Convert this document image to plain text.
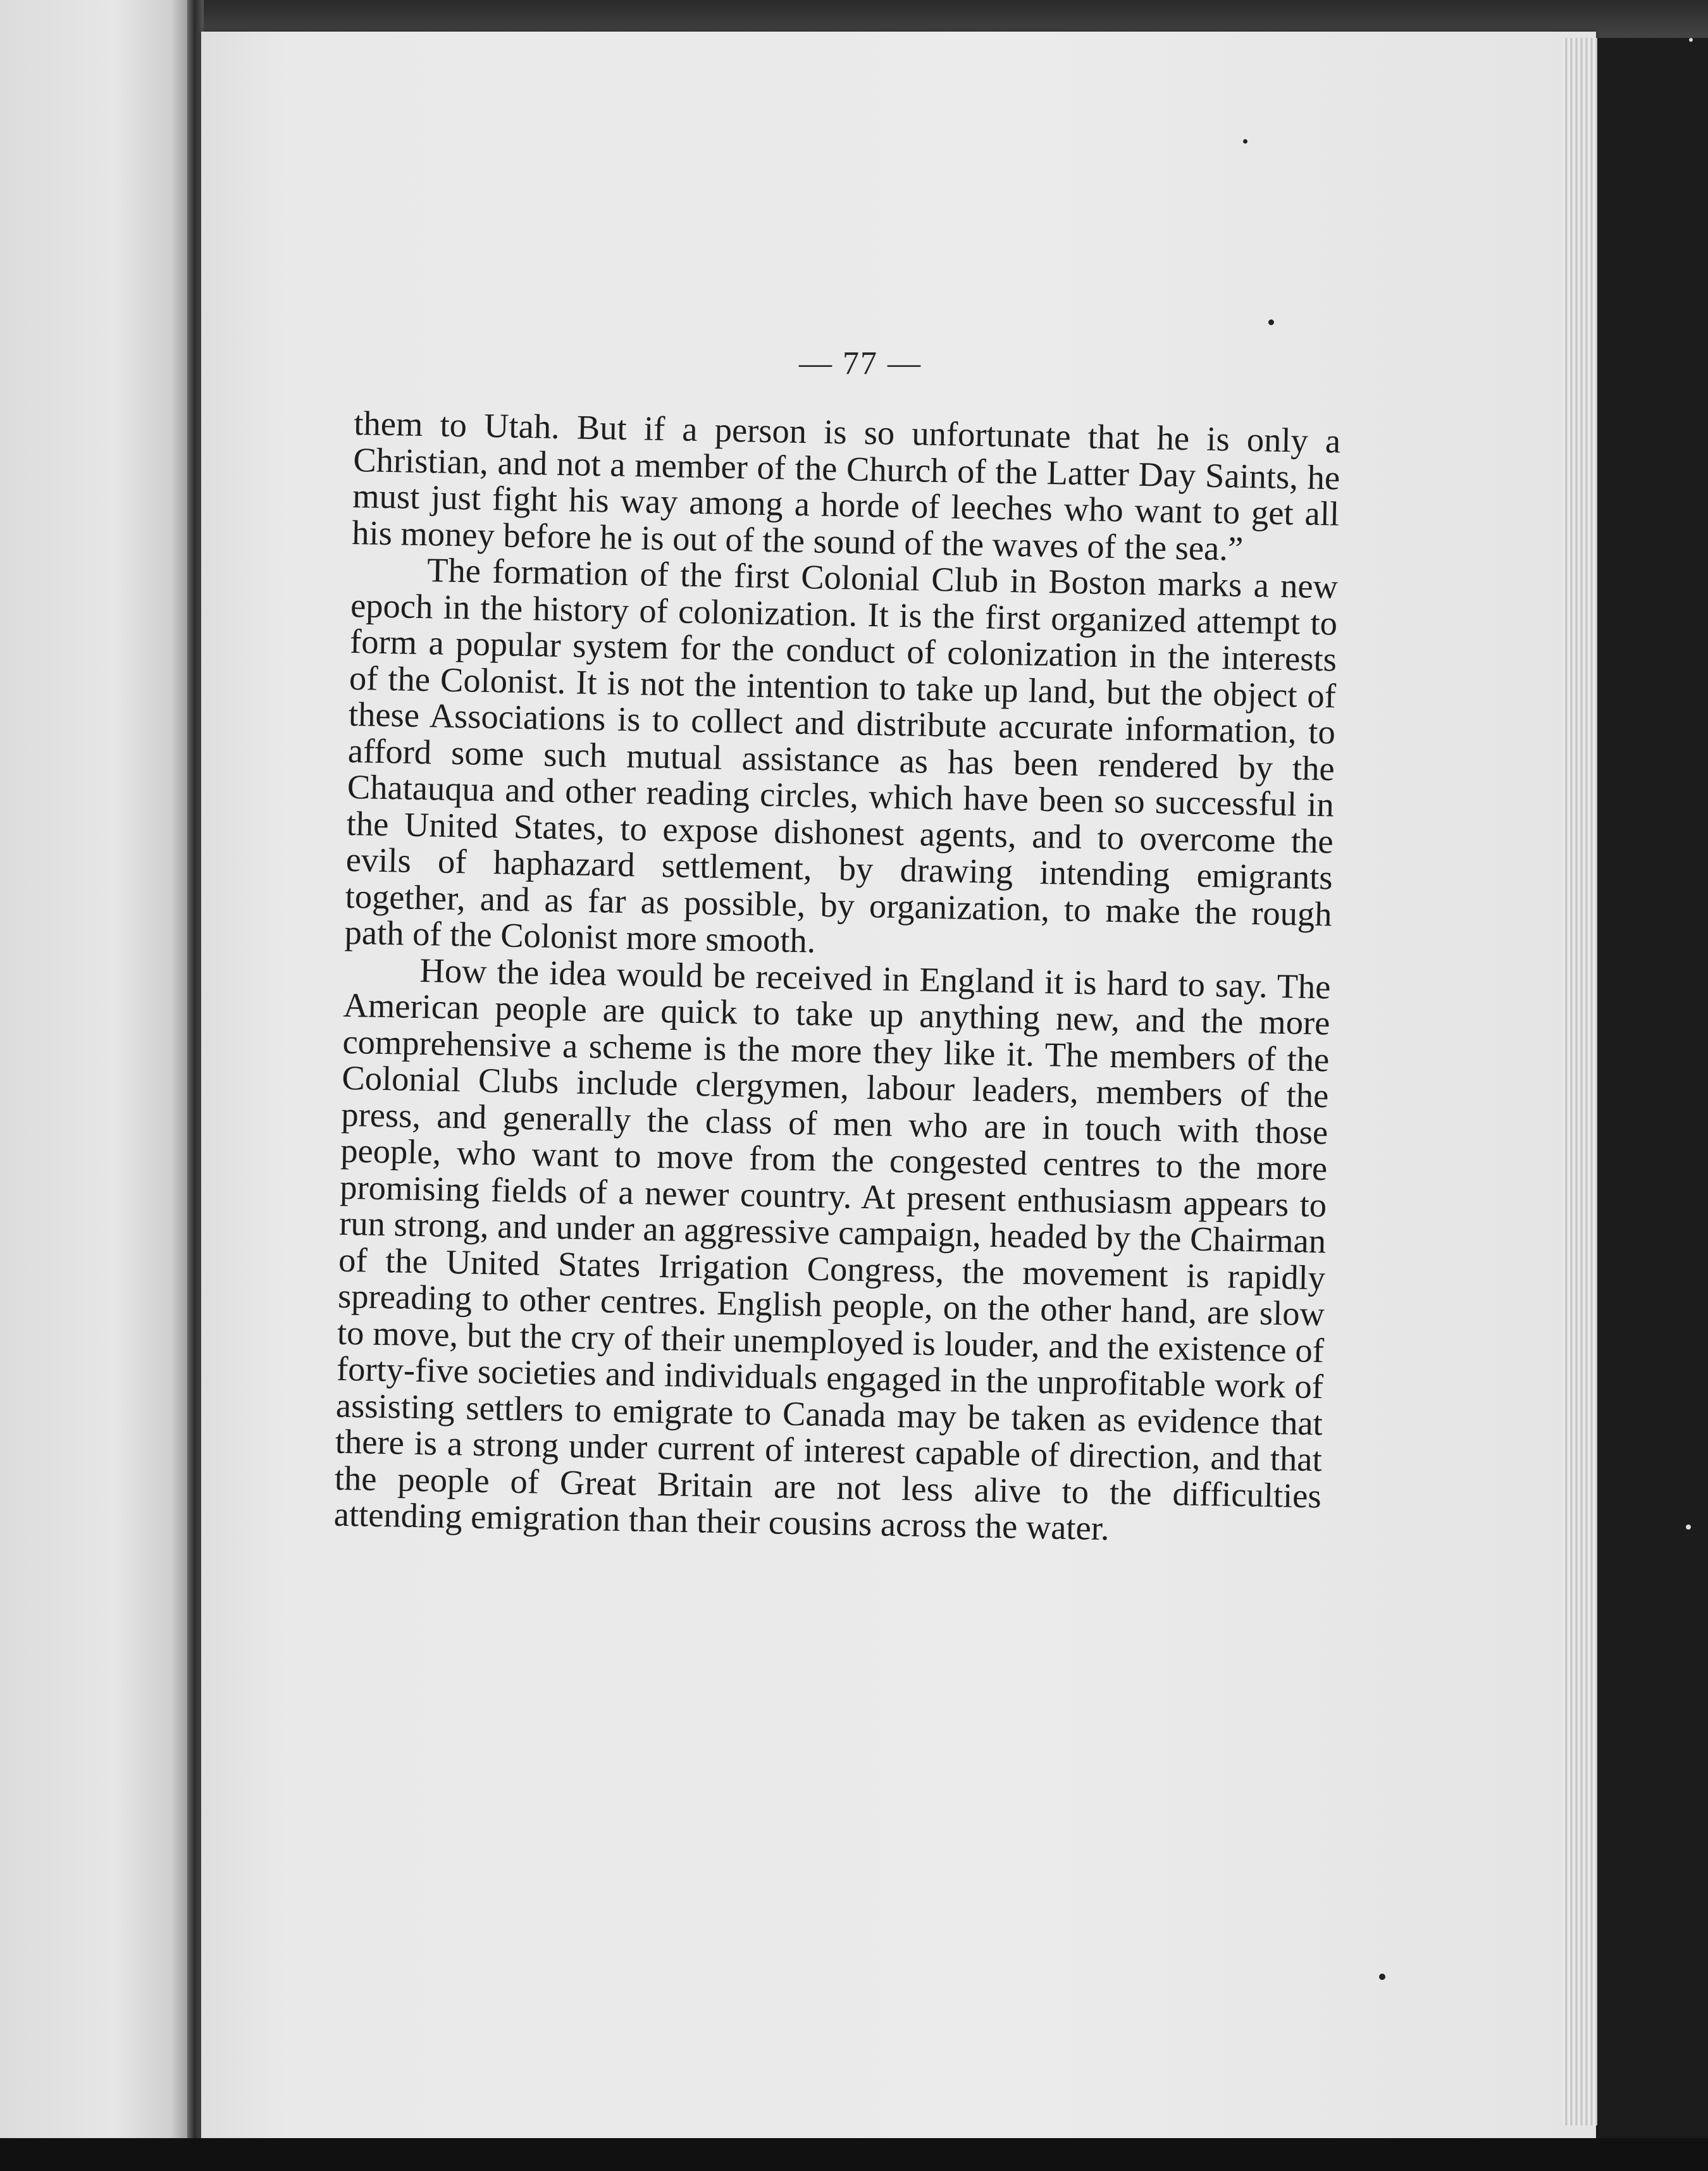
— 77 —

them to Utah. But if a person is so unfortunate that he is only a Christian, and not a member of the Church of the Latter Day Saints, he must just fight his way among a horde of leeches who want to get all his money before he is out of the sound of the waves of the sea.”

The formation of the first Colonial Club in Boston marks a new epoch in the history of colonization. It is the first organized attempt to form a popular system for the conduct of colonization in the interests of the Colonist. It is not the intention to take up land, but the object of these Associations is to collect and distribute accurate information, to afford some such mutual assistance as has been rendered by the Chatauqua and other reading circles, which have been so successful in the United States, to expose dishonest agents, and to overcome the evils of haphazard settlement, by drawing intending emigrants together, and as far as possible, by organization, to make the rough path of the Colonist more smooth.

How the idea would be received in England it is hard to say. The American people are quick to take up anything new, and the more comprehensive a scheme is the more they like it. The members of the Colonial Clubs include clergymen, labour leaders, members of the press, and generally the class of men who are in touch with those people, who want to move from the congested centres to the more promising fields of a newer country. At present enthusiasm appears to run strong, and under an aggressive campaign, headed by the Chairman of the United States Irrigation Congress, the movement is rapidly spreading to other centres. English people, on the other hand, are slow to move, but the cry of their unemployed is louder, and the existence of forty-five societies and individuals engaged in the unprofitable work of assisting settlers to emigrate to Canada may be taken as evidence that there is a strong under current of interest capable of direction, and that the people of Great Britain are not less alive to the difficulties attending emigration than their cousins across the water.
